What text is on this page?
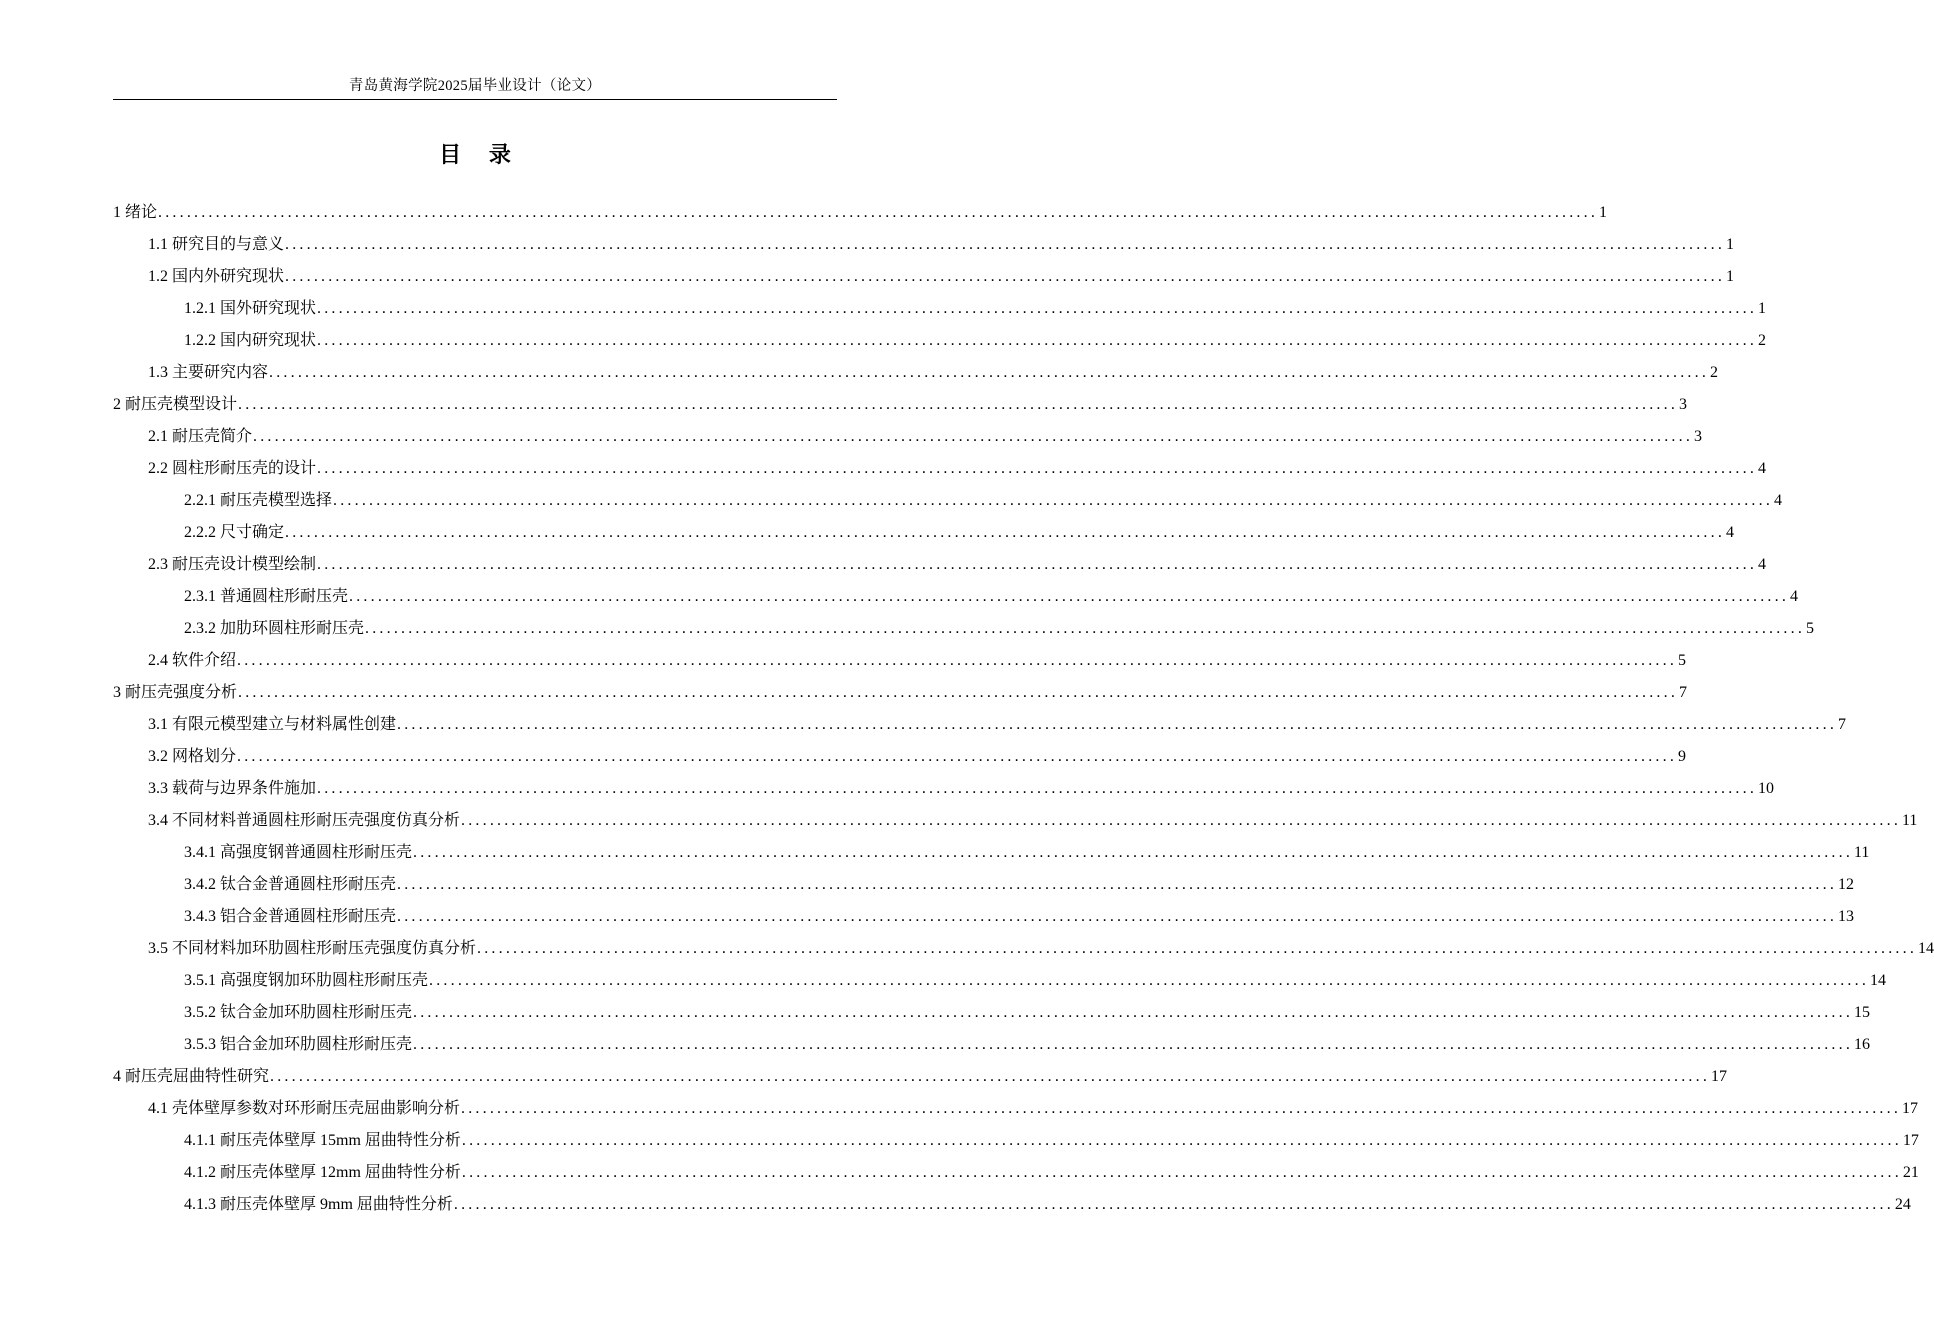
青岛黄海学院2025届毕业设计（论文）
目 录
1 绪论 ........................................................................................................................................................................................................ 1
1.1 研究目的与意义 ........................................................................................................................................................................................................ 1
1.2 国内外研究现状 ........................................................................................................................................................................................................ 1
1.2.1 国外研究现状 ........................................................................................................................................................................................................ 1
1.2.2 国内研究现状 ........................................................................................................................................................................................................ 2
1.3 主要研究内容 ........................................................................................................................................................................................................ 2
2 耐压壳模型设计 ........................................................................................................................................................................................................ 3
2.1 耐压壳简介 ........................................................................................................................................................................................................ 3
2.2 圆柱形耐压壳的设计 ........................................................................................................................................................................................................ 4
2.2.1 耐压壳模型选择 ........................................................................................................................................................................................................ 4
2.2.2 尺寸确定 ........................................................................................................................................................................................................ 4
2.3 耐压壳设计模型绘制 ........................................................................................................................................................................................................ 4
2.3.1 普通圆柱形耐压壳 ........................................................................................................................................................................................................ 4
2.3.2 加肋环圆柱形耐压壳 ........................................................................................................................................................................................................ 5
2.4 软件介绍 ........................................................................................................................................................................................................ 5
3 耐压壳强度分析 ........................................................................................................................................................................................................ 7
3.1 有限元模型建立与材料属性创建 ........................................................................................................................................................................................................ 7
3.2 网格划分 ........................................................................................................................................................................................................ 9
3.3 载荷与边界条件施加 ........................................................................................................................................................................................................ 10
3.4 不同材料普通圆柱形耐压壳强度仿真分析 ........................................................................................................................................................................................................ 11
3.4.1 高强度钢普通圆柱形耐压壳 ........................................................................................................................................................................................................ 11
3.4.2 钛合金普通圆柱形耐压壳 ........................................................................................................................................................................................................ 12
3.4.3 铝合金普通圆柱形耐压壳 ........................................................................................................................................................................................................ 13
3.5 不同材料加环肋圆柱形耐压壳强度仿真分析 ........................................................................................................................................................................................................ 14
3.5.1 高强度钢加环肋圆柱形耐压壳 ........................................................................................................................................................................................................ 14
3.5.2 钛合金加环肋圆柱形耐压壳 ........................................................................................................................................................................................................ 15
3.5.3 铝合金加环肋圆柱形耐压壳 ........................................................................................................................................................................................................ 16
4 耐压壳屈曲特性研究 ........................................................................................................................................................................................................ 17
4.1 壳体壁厚参数对环形耐压壳屈曲影响分析 ........................................................................................................................................................................................................ 17
4.1.1 耐压壳体壁厚 15mm 屈曲特性分析 ........................................................................................................................................................................................................ 17
4.1.2 耐压壳体壁厚 12mm 屈曲特性分析 ........................................................................................................................................................................................................ 21
4.1.3 耐压壳体壁厚 9mm 屈曲特性分析 ........................................................................................................................................................................................................ 24
